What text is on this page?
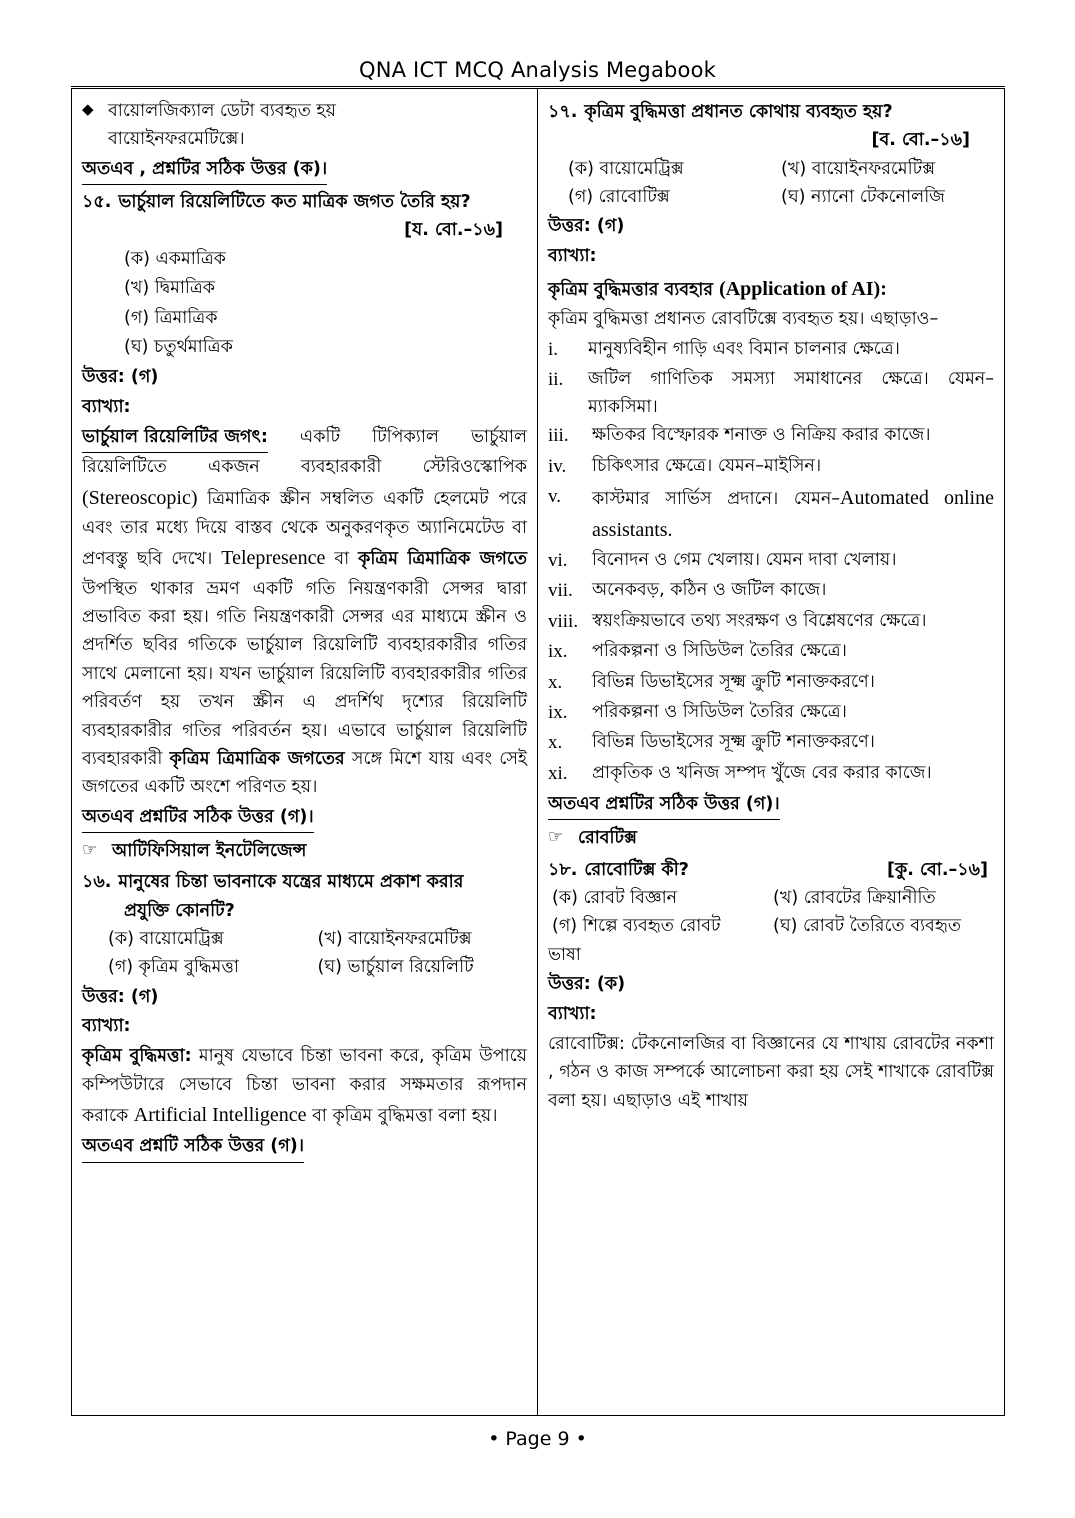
QNA ICT MCQ Analysis Megabook
◆ বায়োলজিক্যাল ডেটা ব্যবহৃত হয়
বায়োইনফরমেটিক্সে।
অতএব , প্রশ্নটির সঠিক উত্তর (ক)।
১৫. ভার্চুয়াল রিয়েলিটিতে কত মাত্রিক জগত তৈরি হয়?
[য. বো.–১৬]
(ক) একমাত্রিক
(খ) দ্বিমাত্রিক
(গ) ত্রিমাত্রিক
(ঘ) চতুর্থমাত্রিক
উত্তর: (গ)
ব্যাখ্যা:
ভার্চুয়াল রিয়েলিটির জগৎ: একটি টিপিক্যাল ভার্চুয়াল রিয়েলিটিতে একজন ব্যবহারকারী স্টেরিওস্কোপিক (Stereoscopic) ত্রিমাত্রিক স্ক্রীন সম্বলিত একটি হেলমেট পরে এবং তার মধ্যে দিয়ে বাস্তব থেকে অনুকরণকৃত অ্যানিমেটেড বা প্রণবস্তু ছবি দেখে। Telepresence বা কৃত্রিম ত্রিমাত্রিক জগতে উপস্থিত থাকার ভ্রমণ একটি গতি নিয়ন্ত্রণকারী সেন্সর দ্বারা প্রভাবিত করা হয়। গতি নিয়ন্ত্রণকারী সেন্সর এর মাধ্যমে স্ক্রীন ও প্রদর্শিত ছবির গতিকে ভার্চুয়াল রিয়েলিটি ব্যবহারকারীর গতির সাথে মেলানো হয়। যখন ভার্চুয়াল রিয়েলিটি ব্যবহারকারীর গতির পরিবর্তণ হয় তখন স্ক্রীন এ প্রদর্শিথ দৃশ্যের রিয়েলিটি ব্যবহারকারীর গতির পরিবর্তন হয়। এভাবে ভার্চুয়াল রিয়েলিটি ব্যবহারকারী কৃত্রিম ত্রিমাত্রিক জগতের সঙ্গে মিশে যায় এবং সেই জগতের একটি অংশে পরিণত হয়।
অতএব প্রশ্নটির সঠিক উত্তর (গ)।
☞ আটিফিসিয়াল ইনটেলিজেন্স
১৬. মানুষের চিন্তা ভাবনাকে যন্ত্রের মাধ্যমে প্রকাশ করার
প্রযুক্তি কোনটি?
(ক) বায়োমেট্রিক্স	(খ) বায়োইনফরমেটিক্স
(গ) কৃত্রিম বুদ্ধিমত্তা	(ঘ) ভার্চুয়াল রিয়েলিটি
উত্তর: (গ)
ব্যাখ্যা:
কৃত্রিম বুদ্ধিমত্তা: মানুষ যেভাবে চিন্তা ভাবনা করে, কৃত্রিম উপায়ে কম্পিউটারে সেভাবে চিন্তা ভাবনা করার সক্ষমতার রূপদান করাকে Artificial Intelligence বা কৃত্রিম বুদ্ধিমত্তা বলা হয়।
অতএব প্রশ্নটি সঠিক উত্তর (গ)।
১৭. কৃত্রিম বুদ্ধিমত্তা প্রধানত কোথায় ব্যবহৃত হয়?
[ব. বো.–১৬]
(ক) বায়োমেট্রিক্স	(খ) বায়োইনফরমেটিক্স
(গ) রোবোটিক্স	(ঘ) ন্যানো টেকনোলজি
উত্তর: (গ)
ব্যাখ্যা:
কৃত্রিম বুদ্ধিমত্তার ব্যবহার (Application of AI):
কৃত্রিম বুদ্ধিমত্তা প্রধানত রোবটিক্সে ব্যবহৃত হয়। এছাড়াও–
i.	মানুষ্যবিহীন গাড়ি এবং বিমান চালনার ক্ষেত্রে।
ii.	জটিল গাণিতিক সমস্যা সমাধানের ক্ষেত্রে। যেমন–ম্যাকসিমা।
iii.	ক্ষতিকর বিস্ফোরক শনাক্ত ও নিক্রিয় করার কাজে।
iv.	চিকিৎসার ক্ষেত্রে। যেমন–মাইসিন।
v.	কাস্টমার সার্ভিস প্রদানে। যেমন–Automated online assistants.
vi.	বিনোদন ও গেম খেলায়। যেমন দাবা খেলায়।
vii.	অনেকবড়, কঠিন ও জটিল কাজে।
viii. স্বয়ংক্রিয়ভাবে তথ্য সংরক্ষণ ও বিশ্লেষণের ক্ষেত্রে।
ix.	পরিকল্পনা ও সিডিউল তৈরির ক্ষেত্রে।
x.	বিভিন্ন ডিভাইসের সূক্ষ্ম ক্রুটি শনাক্তকরণে।
ix.	পরিকল্পনা ও সিডিউল তৈরির ক্ষেত্রে।
x.	বিভিন্ন ডিভাইসের সূক্ষ্ম ক্রুটি শনাক্তকরণে।
xi.	প্রাকৃতিক ও খনিজ সম্পদ খুঁজে বের করার কাজে।
অতএব প্রশ্নটির সঠিক উত্তর (গ)।
☞ রোবটিক্স
১৮. রোবোটিক্স কী?	[কু. বো.–১৬]
(ক) রোবট বিজ্ঞান	(খ) রোবটের ক্রিয়ানীতি
(গ) শিল্পে ব্যবহৃত রোবট	(ঘ) রোবট তৈরিতে ব্যবহৃত
ভাষা
উত্তর: (ক)
ব্যাখ্যা:
রোবোটিক্স: টেকনোলজির বা বিজ্ঞানের যে শাখায় রোবটের নকশা , গঠন ও কাজ সম্পর্কে আলোচনা করা হয় সেই শাখাকে রোবটিক্স বলা হয়। এছাড়াও এই শাখায়
• Page 9 •
